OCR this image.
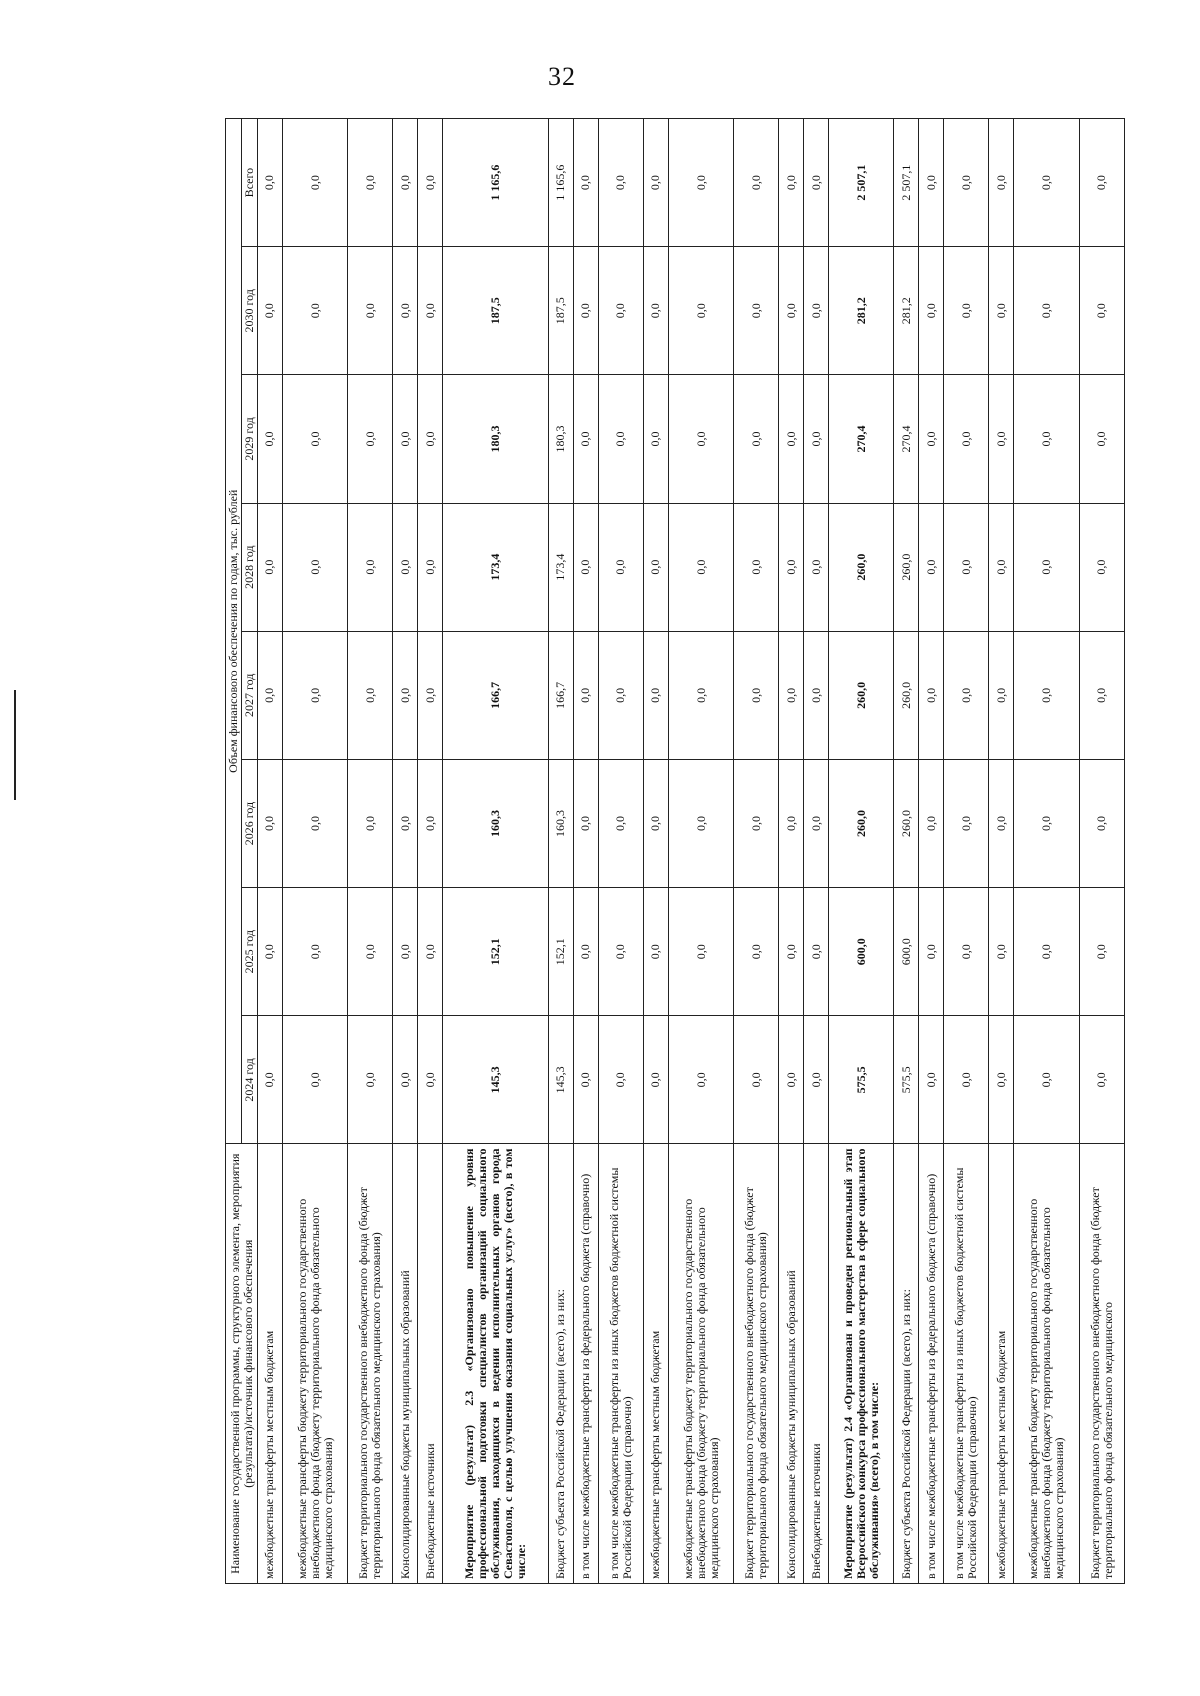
32
Наименование государственной программы, структурного элемента, мероприятия (результата)/источник финансового обеспечения	Объем финансового обеспечения по годам, тыс. рублей							
	2024 год	2025 год	2026 год	2027 год	2028 год	2029 год	2030 год	Всего
межбюджетные трансферты местным бюджетам	0,0	0,0	0,0	0,0	0,0	0,0	0,0	0,0
межбюджетные трансферты бюджету территориального государственного внебюджетного фонда (бюджету территориального фонда обязательного медицинского страхования)	0,0	0,0	0,0	0,0	0,0	0,0	0,0	0,0
Бюджет территориального государственного внебюджетного фонда (бюджет территориального фонда обязательного медицинского страхования)	0,0	0,0	0,0	0,0	0,0	0,0	0,0	0,0
Консолидированные бюджеты муниципальных образований	0,0	0,0	0,0	0,0	0,0	0,0	0,0	0,0
Внебюджетные источники	0,0	0,0	0,0	0,0	0,0	0,0	0,0	0,0
Мероприятие (результат) 2.3 «Организовано повышение уровня профессиональной подготовки специалистов организаций социального обслуживания, находящихся в ведении исполнительных органов города Севастополя, с целью улучшения оказания социальных услуг» (всего), в том числе:	145,3	152,1	160,3	166,7	173,4	180,3	187,5	1 165,6
Бюджет субъекта Российской Федерации (всего), из них:	145,3	152,1	160,3	166,7	173,4	180,3	187,5	1 165,6
в том числе межбюджетные трансферты из федерального бюджета (справочно)	0,0	0,0	0,0	0,0	0,0	0,0	0,0	0,0
в том числе межбюджетные трансферты из иных бюджетов бюджетной системы Российской Федерации (справочно)	0,0	0,0	0,0	0,0	0,0	0,0	0,0	0,0
межбюджетные трансферты местным бюджетам	0,0	0,0	0,0	0,0	0,0	0,0	0,0	0,0
межбюджетные трансферты бюджету территориального государственного внебюджетного фонда (бюджету территориального фонда обязательного медицинского страхования)	0,0	0,0	0,0	0,0	0,0	0,0	0,0	0,0
Бюджет территориального государственного внебюджетного фонда (бюджет территориального фонда обязательного медицинского страхования)	0,0	0,0	0,0	0,0	0,0	0,0	0,0	0,0
Консолидированные бюджеты муниципальных образований	0,0	0,0	0,0	0,0	0,0	0,0	0,0	0,0
Внебюджетные источники	0,0	0,0	0,0	0,0	0,0	0,0	0,0	0,0
Мероприятие (результат) 2.4 «Организован и проведен региональный этап Всероссийского конкурса профессионального мастерства в сфере социального обслуживания» (всего), в том числе:	575,5	600,0	260,0	260,0	260,0	270,4	281,2	2 507,1
Бюджет субъекта Российской Федерации (всего), из них:	575,5	600,0	260,0	260,0	260,0	270,4	281,2	2 507,1
в том числе межбюджетные трансферты из федерального бюджета (справочно)	0,0	0,0	0,0	0,0	0,0	0,0	0,0	0,0
в том числе межбюджетные трансферты из иных бюджетов бюджетной системы Российской Федерации (справочно)	0,0	0,0	0,0	0,0	0,0	0,0	0,0	0,0
межбюджетные трансферты местным бюджетам	0,0	0,0	0,0	0,0	0,0	0,0	0,0	0,0
межбюджетные трансферты бюджету территориального государственного внебюджетного фонда (бюджету территориального фонда обязательного медицинского страхования)	0,0	0,0	0,0	0,0	0,0	0,0	0,0	0,0
Бюджет территориального государственного внебюджетного фонда (бюджет территориального фонда обязательного медицинского	0,0	0,0	0,0	0,0	0,0	0,0	0,0	0,0
